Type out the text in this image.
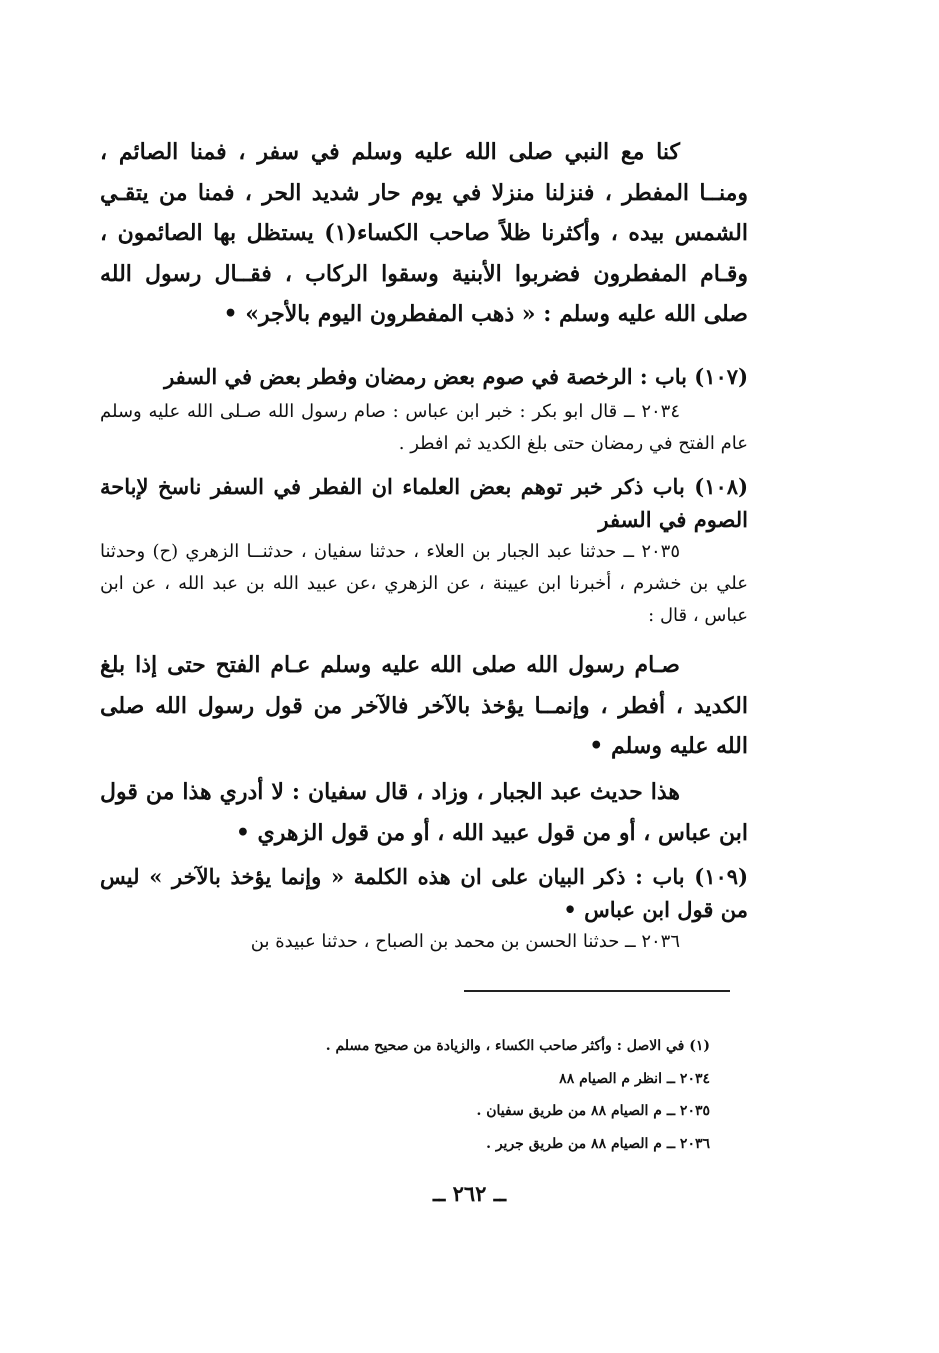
كنا مع النبي صلى الله عليه وسلم في سفر ، فمنا الصائم ، ومنــا المفطر ، فنزلنا منزلا في يوم حار شديد الحر ، فمنا من يتقـي الشمس بيده ، وأكثرنا ظلاً صاحب الكساء(١) يستظل بها الصائمون ، وقـام المفطرون فضربوا الأبنية وسقوا الركاب ، فقــال رسول الله صلى الله عليه وسلم : « ذهب المفطرون اليوم بالأجر» •

(١٠٧) باب : الرخصة في صوم بعض رمضان وفطر بعض في السفر

٢٠٣٤ ــ قال ابو بكر : خبر ابن عباس : صام رسول الله صـلى الله عليه وسلم عام الفتح في رمضان حتى بلغ الكديد ثم افطر .

(١٠٨) باب ذكر خبر توهم بعض العلماء ان الفطر في السفر ناسخ لإباحة الصوم في السفر

٢٠٣٥ ــ حدثنا عبد الجبار بن العلاء ، حدثنا سفيان ، حدثنــا الزهري (ح) وحدثنا علي بن خشرم ، أخبرنا ابن عيينة ، عن الزهري ،عن عبيد الله بن عبد الله ، عن ابن عباس ، قال :

صـام رسول الله صلى الله عليه وسلم عـام الفتح حتى إذا بلغ الكديد ، أفطر ، وإنمــا يؤخذ بالآخر فالآخر من قول رسول الله صلى الله عليه وسلم •

هذا حديث عبد الجبار ، وزاد ، قال سفيان : لا أدري هذا من قول ابن عباس ، أو من قول عبيد الله ، أو من قول الزهري •

(١٠٩) باب : ذكر البيان على ان هذه الكلمة « وإنما يؤخذ بالآخر » ليس من قول ابن عباس •

٢٠٣٦ ــ حدثنا الحسن بن محمد بن الصباح ، حدثنا عبيدة بن

(١) في الاصل : وأكثر صاحب الكساء ، والزيادة من صحيح مسلم .
٢٠٣٤ ــ انظر م الصيام ٨٨
٢٠٣٥ ــ م الصيام ٨٨ من طريق سفيان .
٢٠٣٦ ــ م الصيام ٨٨ من طريق جرير .
ــ ٢٦٢ ــ
